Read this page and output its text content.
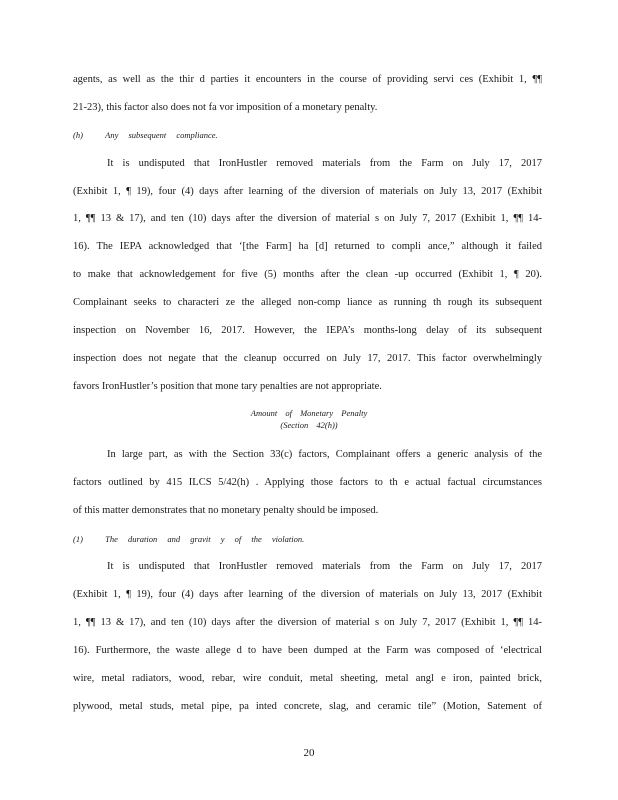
agents, as well as the thir d parties it encounters in the course of providing servi ces (Exhibit 1, ¶¶
21-23), this factor also does not fa vor imposition of a monetary penalty.
(h)	Any subsequent compliance.
It is undisputed that IronHustler removed materials from the Farm on July 17, 2017
(Exhibit 1, ¶ 19), four (4) days after learning of the diversion of materials on July 13, 2017 (Exhibit
1, ¶¶ 13 & 17), and ten (10) days after the diversion of material s on July 7, 2017 (Exhibit 1, ¶¶ 14-
16). The IEPA acknowledged that ‘[the Farm] ha [d] returned to compli ance,” although it failed
to make that acknowledgement for five (5) months after the clean -up occurred (Exhibit 1, ¶ 20).
Complainant seeks to characteri ze the alleged non-comp liance as running th rough its subsequent
inspection on November 16, 2017. However, the IEPA’s months-long delay of its subsequent
inspection does not negate that the cleanup occurred on July 17, 2017. This factor overwhelmingly
favors IronHustler’s position that mone tary penalties are not appropriate.
Amount of Monetary Penalty
(Section 42(h))
In large part, as with the Section 33(c) factors, Complainant offers a generic analysis of the
factors outlined by 415 ILCS 5/42(h) . Applying those factors to th e actual factual circumstances
of this matter demonstrates that no monetary penalty should be imposed.
(1)	The duration and gravit y of the violation.
It is undisputed that IronHustler removed materials from the Farm on July 17, 2017
(Exhibit 1, ¶ 19), four (4) days after learning of the diversion of materials on July 13, 2017 (Exhibit
1, ¶¶ 13 & 17), and ten (10) days after the diversion of material s on July 7, 2017 (Exhibit 1, ¶¶ 14-
16). Furthermore, the waste allege d to have been dumped at the Farm was composed of ‘electrical
wire, metal radiators, wood, rebar, wire conduit, metal sheeting, metal angl e iron, painted brick,
plywood, metal studs, metal pipe, pa inted concrete, slag, and ceramic tile” (Motion, Satement of
20
